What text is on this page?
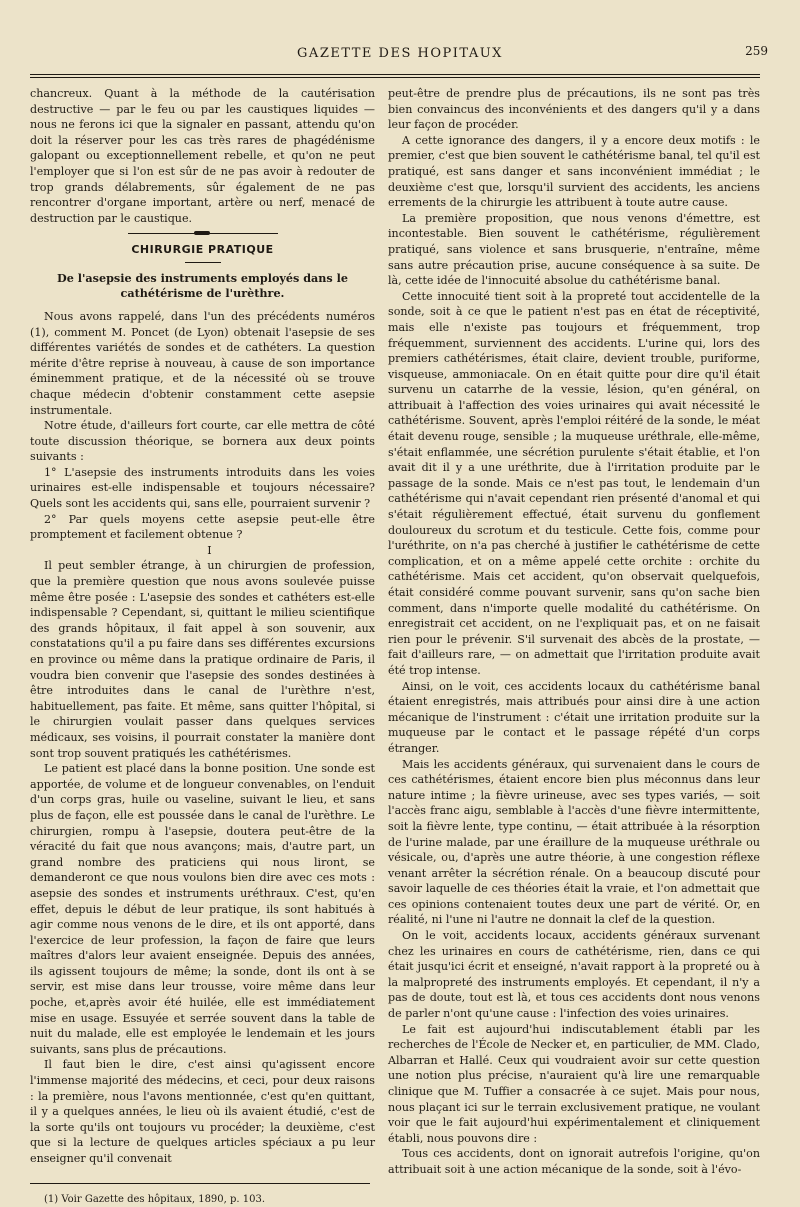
GAZETTE DES HOPITAUX	259

chancreux. Quant à la méthode de la cautérisation destructive — par le feu ou par les caustiques liquides — nous ne ferons ici que la signaler en passant, attendu qu'on doit la réserver pour les cas très rares de phagédénisme galopant ou exceptionnellement rebelle, et qu'on ne peut l'employer que si l'on est sûr de ne pas avoir à redouter de trop grands délabrements, sûr également de ne pas rencontrer d'organe important, artère ou nerf, menacé de destruction par le caustique.

CHIRURGIE PRATIQUE
De l'asepsie des instruments employés dans le cathétérisme de l'urèthre.

Nous avons rappelé, dans l'un des précédents numéros (1), comment M. Poncet (de Lyon) obtenait l'asepsie de ses différentes variétés de sondes et de cathéters. La question mérite d'être reprise à nouveau, à cause de son importance éminemment pratique, et de la nécessité où se trouve chaque médecin d'obtenir constamment cette asepsie instrumentale.

Notre étude, d'ailleurs fort courte, car elle mettra de côté toute discussion théorique, se bornera aux deux points suivants :

1° L'asepsie des instruments introduits dans les voies urinaires est-elle indispensable et toujours nécessaire? Quels sont les accidents qui, sans elle, pourraient survenir ?

2° Par quels moyens cette asepsie peut-elle être promptement et facilement obtenue ?

I

Il peut sembler étrange, à un chirurgien de profession, que la première question que nous avons soulevée puisse même être posée : L'asepsie des sondes et cathéters est-elle indispensable ? Cependant, si, quittant le milieu scientifique des grands hôpitaux, il fait appel à son souvenir, aux constatations qu'il a pu faire dans ses différentes excursions en province ou même dans la pratique ordinaire de Paris, il voudra bien convenir que l'asepsie des sondes destinées à être introduites dans le canal de l'urèthre n'est, habituellement, pas faite. Et même, sans quitter l'hôpital, si le chirurgien voulait passer dans quelques services médicaux, ses voisins, il pourrait constater la manière dont sont trop souvent pratiqués les cathétérismes.

Le patient est placé dans la bonne position. Une sonde est apportée, de volume et de longueur convenables, on l'enduit d'un corps gras, huile ou vaseline, suivant le lieu, et sans plus de façon, elle est poussée dans le canal de l'urèthre. Le chirurgien, rompu à l'asepsie, doutera peut-être de la véracité du fait que nous avançons; mais, d'autre part, un grand nombre des praticiens qui nous liront, se demanderont ce que nous voulons bien dire avec ces mots : asepsie des sondes et instruments uréthraux. C'est, qu'en effet, depuis le début de leur pratique, ils sont habitués à agir comme nous venons de le dire, et ils ont apporté, dans l'exercice de leur profession, la façon de faire que leurs maîtres d'alors leur avaient enseignée. Depuis des années, ils agissent toujours de même; la sonde, dont ils ont à se servir, est mise dans leur trousse, voire même dans leur poche, et,après avoir été huilée, elle est immédiatement mise en usage. Essuyée et serrée souvent dans la table de nuit du malade, elle est employée le lendemain et les jours suivants, sans plus de précautions.

Il faut bien le dire, c'est ainsi qu'agissent encore l'immense majorité des médecins, et ceci, pour deux raisons : la première, nous l'avons mentionnée, c'est qu'en quittant, il y a quelques années, le lieu où ils avaient étudié, c'est de la sorte qu'ils ont toujours vu procéder; la deuxième, c'est que si la lecture de quelques articles spéciaux a pu leur enseigner qu'il convenait

(1) Voir Gazette des hôpitaux, 1890, p. 103.

peut-être de prendre plus de précautions, ils ne sont pas très bien convaincus des inconvénients et des dangers qu'il y a dans leur façon de procéder.

A cette ignorance des dangers, il y a encore deux motifs : le premier, c'est que bien souvent le cathétérisme banal, tel qu'il est pratiqué, est sans danger et sans inconvénient immédiat ; le deuxième c'est que, lorsqu'il survient des accidents, les anciens errements de la chirurgie les attribuent à toute autre cause.

La première proposition, que nous venons d'émettre, est incontestable. Bien souvent le cathétérisme, régulièrement pratiqué, sans violence et sans brusquerie, n'entraîne, même sans autre précaution prise, aucune conséquence à sa suite. De là, cette idée de l'innocuité absolue du cathétérisme banal.

Cette innocuité tient soit à la propreté tout accidentelle de la sonde, soit à ce que le patient n'est pas en état de réceptivité, mais elle n'existe pas toujours et fréquemment, trop fréquemment, surviennent des accidents. L'urine qui, lors des premiers cathétérismes, était claire, devient trouble, puriforme, visqueuse, ammoniacale. On en était quitte pour dire qu'il était survenu un catarrhe de la vessie, lésion, qu'en général, on attribuait à l'affection des voies urinaires qui avait nécessité le cathétérisme. Souvent, après l'emploi réitéré de la sonde, le méat était devenu rouge, sensible ; la muqueuse uréthrale, elle-même, s'était enflammée, une sécrétion purulente s'était établie, et l'on avait dit il y a une uréthrite, due à l'irritation produite par le passage de la sonde. Mais ce n'est pas tout, le lendemain d'un cathétérisme qui n'avait cependant rien présenté d'anomal et qui s'était régulièrement effectué, était survenu du gonflement douloureux du scrotum et du testicule. Cette fois, comme pour l'uréthrite, on n'a pas cherché à justifier le cathétérisme de cette complication, et on a même appelé cette orchite : orchite du cathétérisme. Mais cet accident, qu'on observait quelquefois, était considéré comme pouvant survenir, sans qu'on sache bien comment, dans n'importe quelle modalité du cathétérisme. On enregistrait cet accident, on ne l'expliquait pas, et on ne faisait rien pour le prévenir. S'il survenait des abcès de la prostate, — fait d'ailleurs rare, — on admettait que l'irritation produite avait été trop intense.

Ainsi, on le voit, ces accidents locaux du cathétérisme banal étaient enregistrés, mais attribués pour ainsi dire à une action mécanique de l'instrument : c'était une irritation produite sur la muqueuse par le contact et le passage répété d'un corps étranger.

Mais les accidents généraux, qui survenaient dans le cours de ces cathétérismes, étaient encore bien plus méconnus dans leur nature intime ; la fièvre urineuse, avec ses types variés, — soit l'accès franc aigu, semblable à l'accès d'une fièvre intermittente, soit la fièvre lente, type continu, — était attribuée à la résorption de l'urine malade, par une éraillure de la muqueuse uréthrale ou vésicale, ou, d'après une autre théorie, à une congestion réflexe venant arrêter la sécrétion rénale. On a beaucoup discuté pour savoir laquelle de ces théories était la vraie, et l'on admettait que ces opinions contenaient toutes deux une part de vérité. Or, en réalité, ni l'une ni l'autre ne donnait la clef de la question.

On le voit, accidents locaux, accidents généraux survenant chez les urinaires en cours de cathétérisme, rien, dans ce qui était jusqu'ici écrit et enseigné, n'avait rapport à la propreté ou à la malpropreté des instruments employés. Et cependant, il n'y a pas de doute, tout est là, et tous ces accidents dont nous venons de parler n'ont qu'une cause : l'infection des voies urinaires.

Le fait est aujourd'hui indiscutablement établi par les recherches de l'École de Necker et, en particulier, de MM. Clado, Albarran et Hallé. Ceux qui voudraient avoir sur cette question une notion plus précise, n'auraient qu'à lire une remarquable clinique que M. Tuffier a consacrée à ce sujet. Mais pour nous, nous plaçant ici sur le terrain exclusivement pratique, ne voulant voir que le fait aujourd'hui expérimentalement et cliniquement établi, nous pouvons dire :

Tous ces accidents, dont on ignorait autrefois l'origine, qu'on attribuait soit à une action mécanique de la sonde, soit à l'évo-
